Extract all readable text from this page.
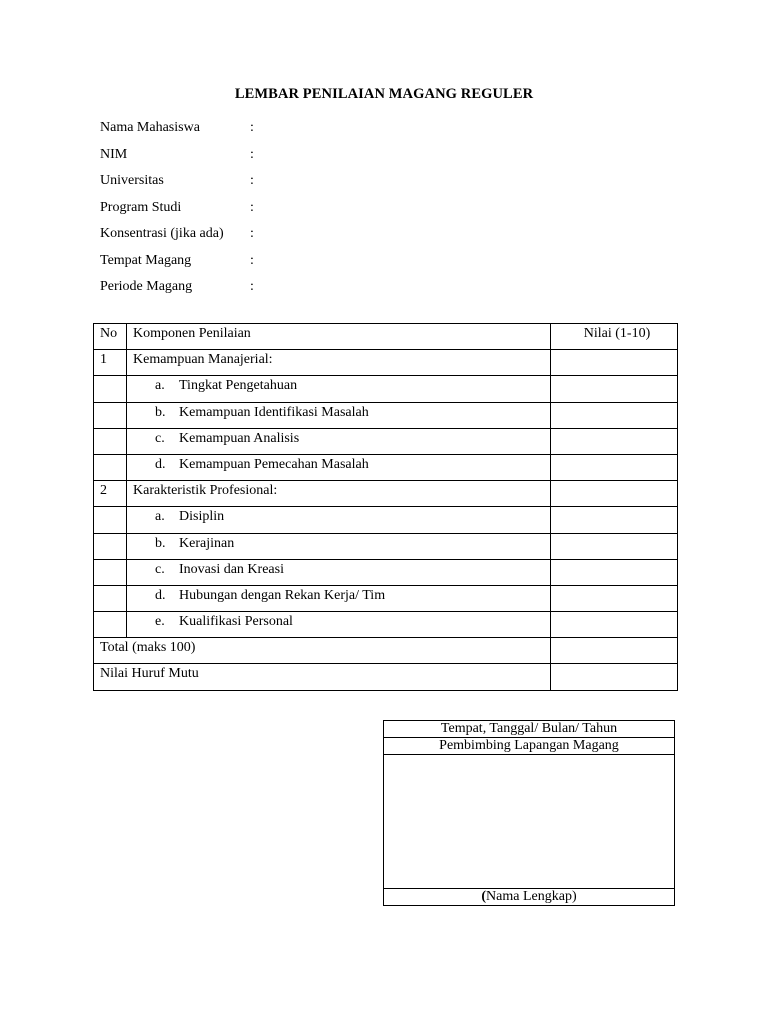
LEMBAR PENILAIAN MAGANG REGULER
Nama Mahasiswa	:
NIM	:
Universitas	:
Program Studi	:
Konsentrasi (jika ada) :
Tempat Magang	:
Periode Magang	:
No	Komponen Penilaian	Nilai (1-10)
1	Kemampuan Manajerial:	
	a. Tingkat Pengetahuan	
	b. Kemampuan Identifikasi Masalah	
	c. Kemampuan Analisis	
	d. Kemampuan Pemecahan Masalah	
2	Karakteristik Profesional:	
	a. Disiplin	
	b. Kerajinan	
	c. Inovasi dan Kreasi	
	d. Hubungan dengan Rekan Kerja/ Tim	
	e. Kualifikasi Personal	
Total (maks 100)		
Nilai Huruf Mutu		
Tempat, Tanggal/ Bulan/ Tahun
Pembimbing Lapangan Magang

(Nama Lengkap)
